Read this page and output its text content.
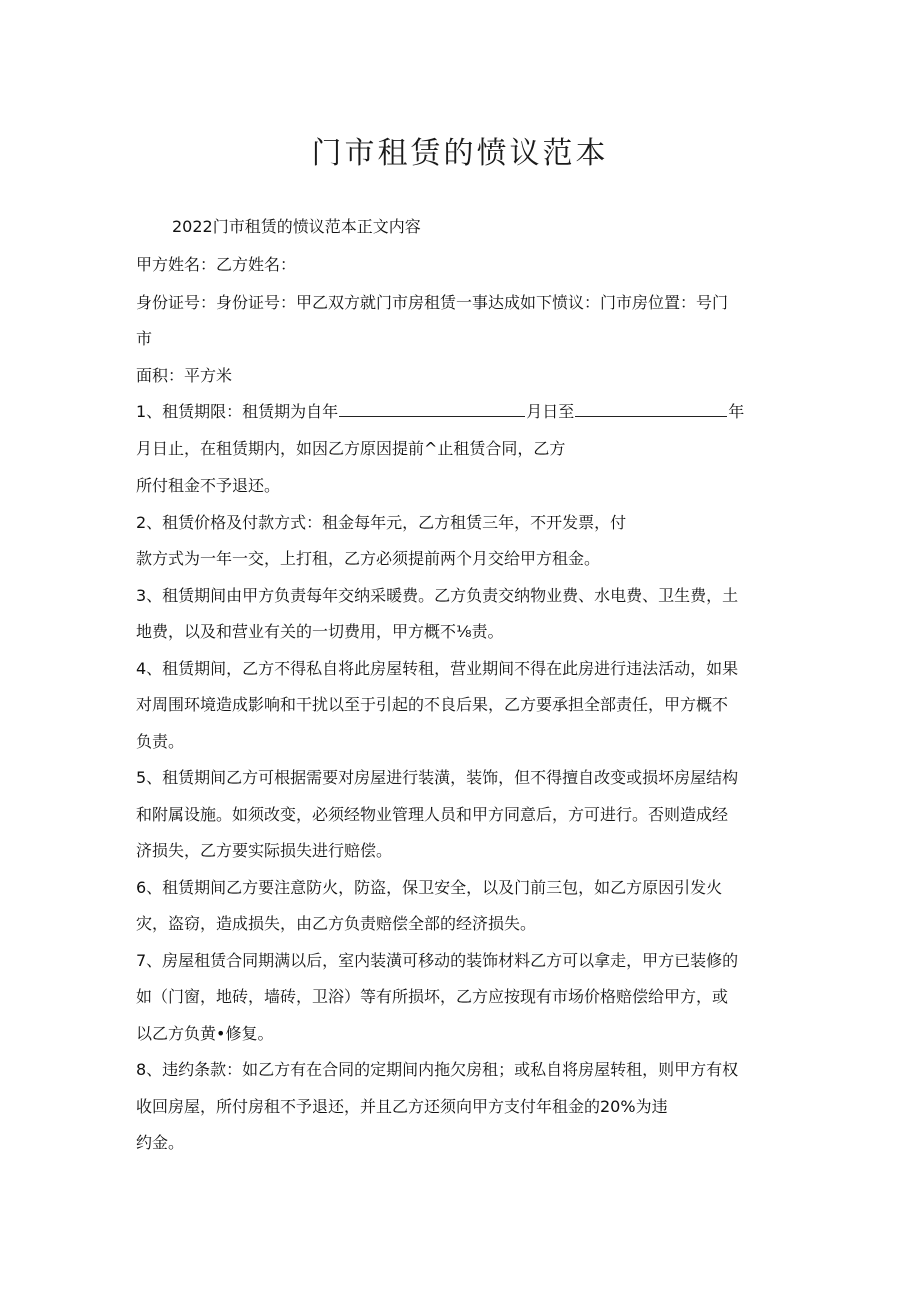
门市租赁的愤议范本

2022门市租赁的愤议范本正文内容

甲方姓名：乙方姓名：

身份证号：身份证号：甲乙双方就门市房租赁一事达成如下愤议：门市房位置：号门

市

面积：平方米

1、租赁期限：租赁期为自年	月日至	年

月日止，在租赁期内，如因乙方原因提前^止租赁合同，乙方

所付租金不予退还。

2、租赁价格及付款方式：租金每年元，乙方租赁三年，不开发票，付

款方式为一年一交，上打租，乙方必须提前两个月交给甲方租金。

3、租赁期间由甲方负责每年交纳采暖费。乙方负责交纳物业费、水电费、卫生费，土

地费，以及和营业有关的一切费用，甲方概不⅛责。

4、租赁期间，乙方不得私自将此房屋转租，营业期间不得在此房进行违法活动，如果

对周围环境造成影响和干扰以至于引起的不良后果，乙方要承担全部责任，甲方概不

负责。

5、租赁期间乙方可根据需要对房屋进行装潢，装饰，但不得擅自改变或损坏房屋结构

和附属设施。如须改变，必须经物业管理人员和甲方同意后，方可进行。否则造成经

济损失，乙方要实际损失进行赔偿。

6、租赁期间乙方要注意防火，防盗，保卫安全，以及门前三包，如乙方原因引发火

灾，盗窃，造成损失，由乙方负责赔偿全部的经济损失。

7、房屋租赁合同期满以后，室内装潢可移动的装饰材料乙方可以拿走，甲方已装修的

如（门窗，地砖，墙砖，卫浴）等有所损坏，乙方应按现有市场价格赔偿给甲方，或

以乙方负黄•修复。

8、违约条款：如乙方有在合同的定期间内拖欠房租；或私自将房屋转租，则甲方有权

收回房屋，所付房租不予退还，并且乙方还须向甲方支付年租金的20%为违

约金。
